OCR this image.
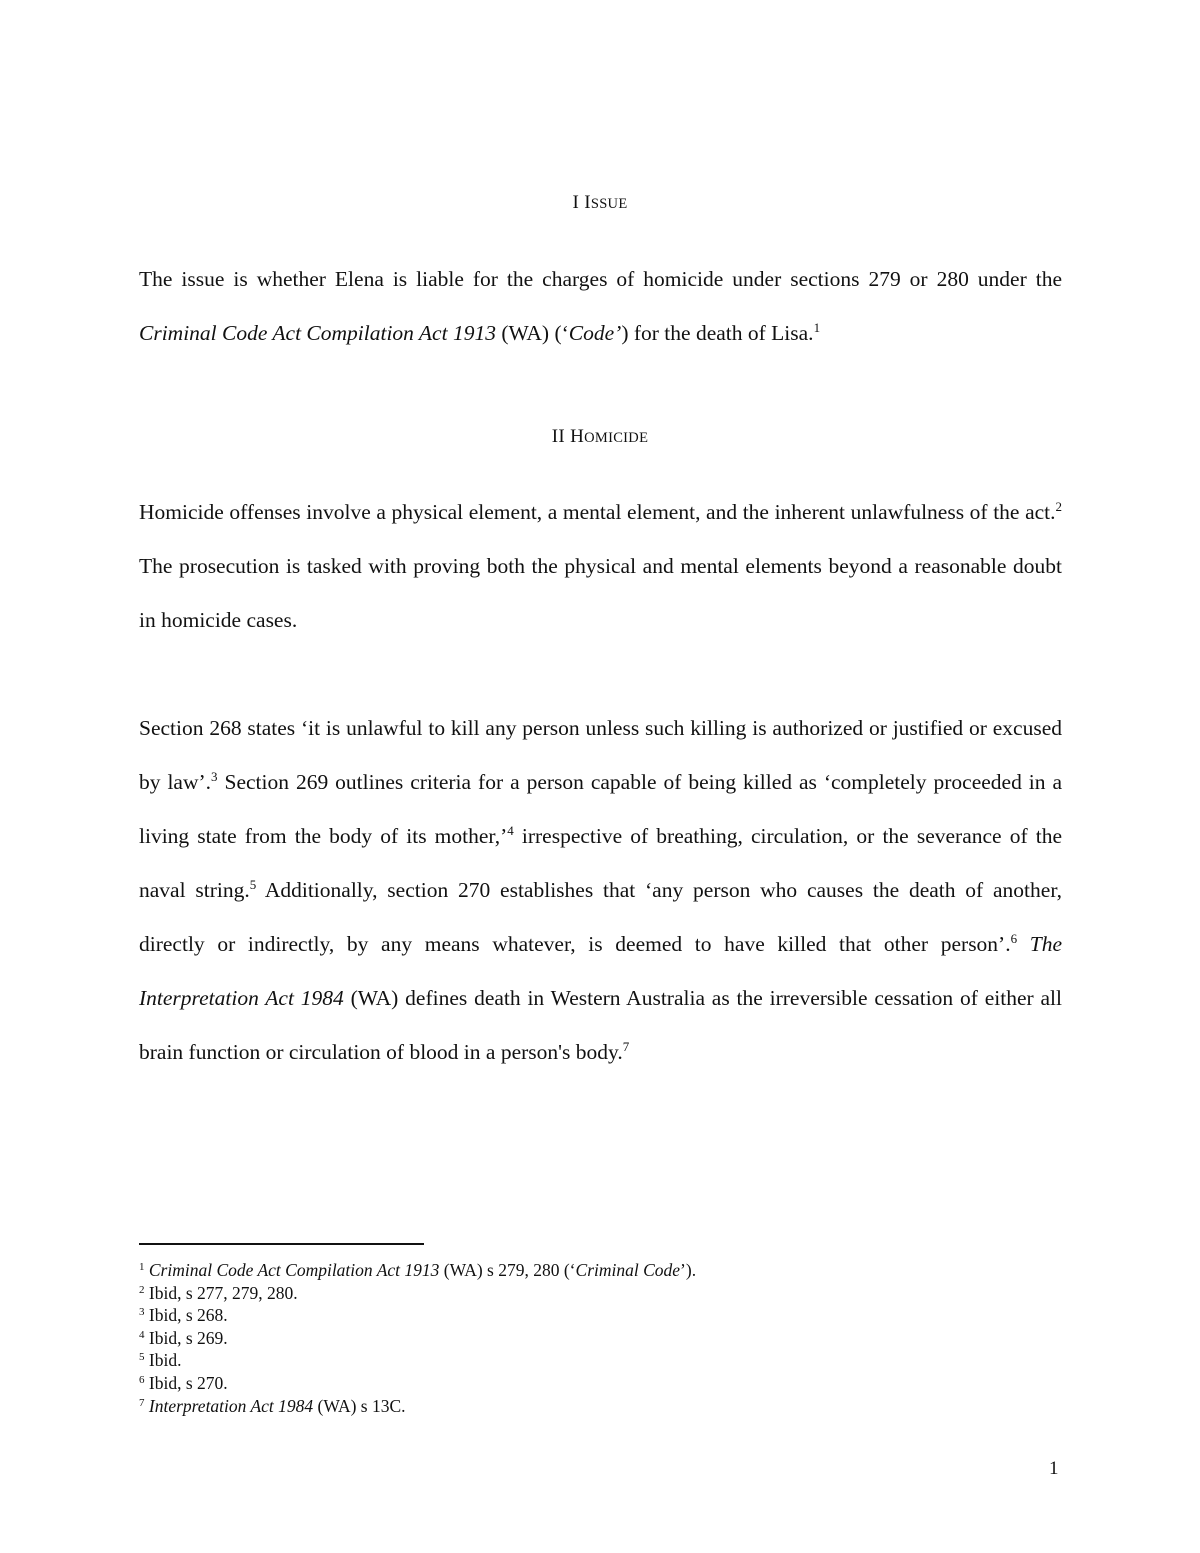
I ISSUE
The issue is whether Elena is liable for the charges of homicide under sections 279 or 280 under the Criminal Code Act Compilation Act 1913 (WA) (‘Code’) for the death of Lisa.$^1$
II HOMICIDE
Homicide offenses involve a physical element, a mental element, and the inherent unlawfulness of the act.$^2$ The prosecution is tasked with proving both the physical and mental elements beyond a reasonable doubt in homicide cases.
Section 268 states ‘it is unlawful to kill any person unless such killing is authorized or justified or excused by law’.$^3$ Section 269 outlines criteria for a person capable of being killed as ‘completely proceeded in a living state from the body of its mother,’$^4$ irrespective of breathing, circulation, or the severance of the naval string.$^5$ Additionally, section 270 establishes that ‘any person who causes the death of another, directly or indirectly, by any means whatever, is deemed to have killed that other person’.$^6$ The Interpretation Act 1984 (WA) defines death in Western Australia as the irreversible cessation of either all brain function or circulation of blood in a person's body.$^7$
$^1$ Criminal Code Act Compilation Act 1913 (WA) s 279, 280 (‘Criminal Code’).
$^2$ Ibid, s 277, 279, 280.
$^3$ Ibid, s 268.
$^4$ Ibid, s 269.
$^5$ Ibid.
$^6$ Ibid, s 270.
$^7$ Interpretation Act 1984 (WA) s 13C.
1
